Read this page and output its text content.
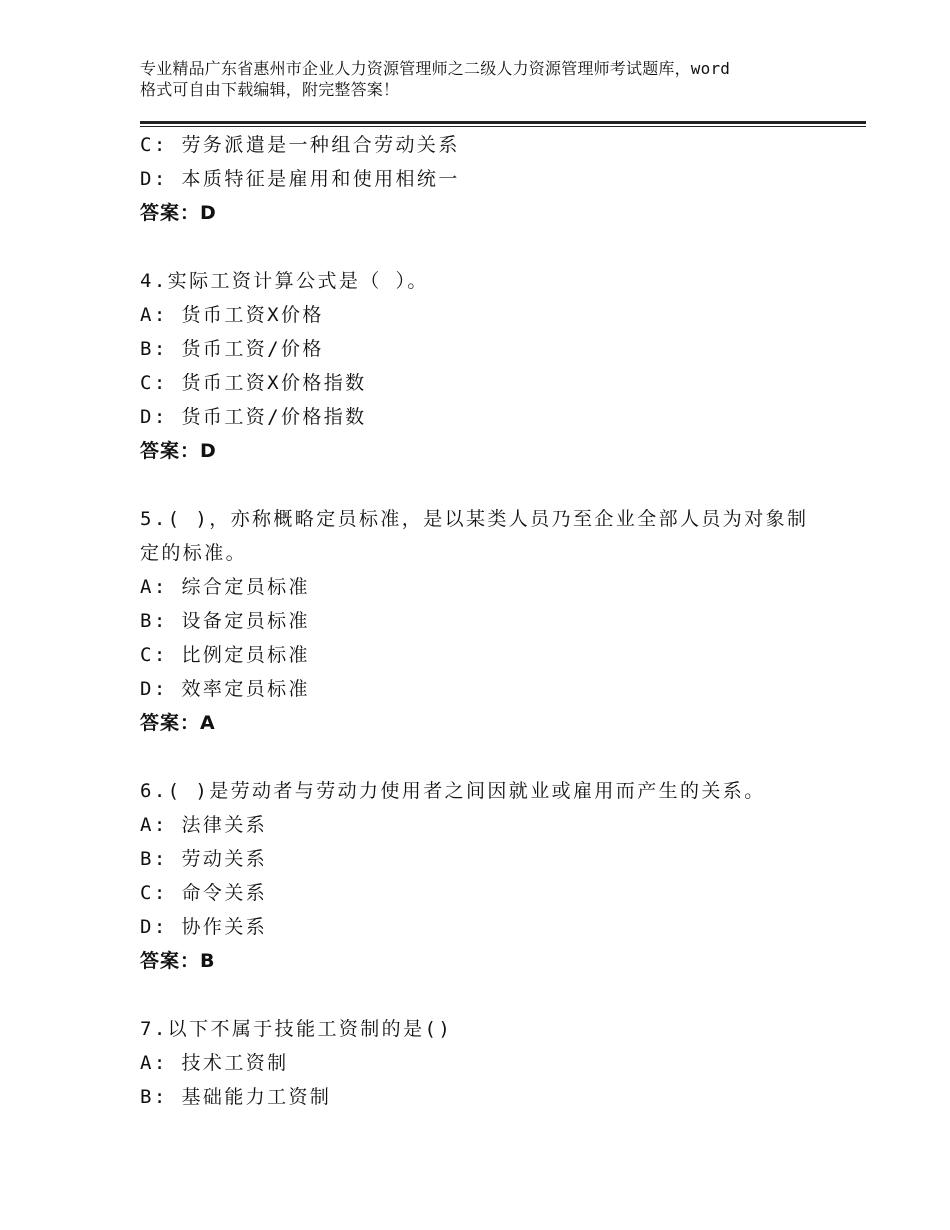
专业精品广东省惠州市企业人力资源管理师之二级人力资源管理师考试题库，word
格式可自由下载编辑，附完整答案！
C: 劳务派遣是一种组合劳动关系
D: 本质特征是雇用和使用相统一
答案：D
4.实际工资计算公式是（ ）。
A: 货币工资X价格
B: 货币工资/价格
C: 货币工资X价格指数
D: 货币工资/价格指数
答案：D
5.( )，亦称概略定员标准，是以某类人员乃至企业全部人员为对象制
定的标准。
A: 综合定员标准
B: 设备定员标准
C: 比例定员标准
D: 效率定员标准
答案：A
6.( )是劳动者与劳动力使用者之间因就业或雇用而产生的关系。
A: 法律关系
B: 劳动关系
C: 命令关系
D: 协作关系
答案：B
7.以下不属于技能工资制的是()
A: 技术工资制
B: 基础能力工资制
